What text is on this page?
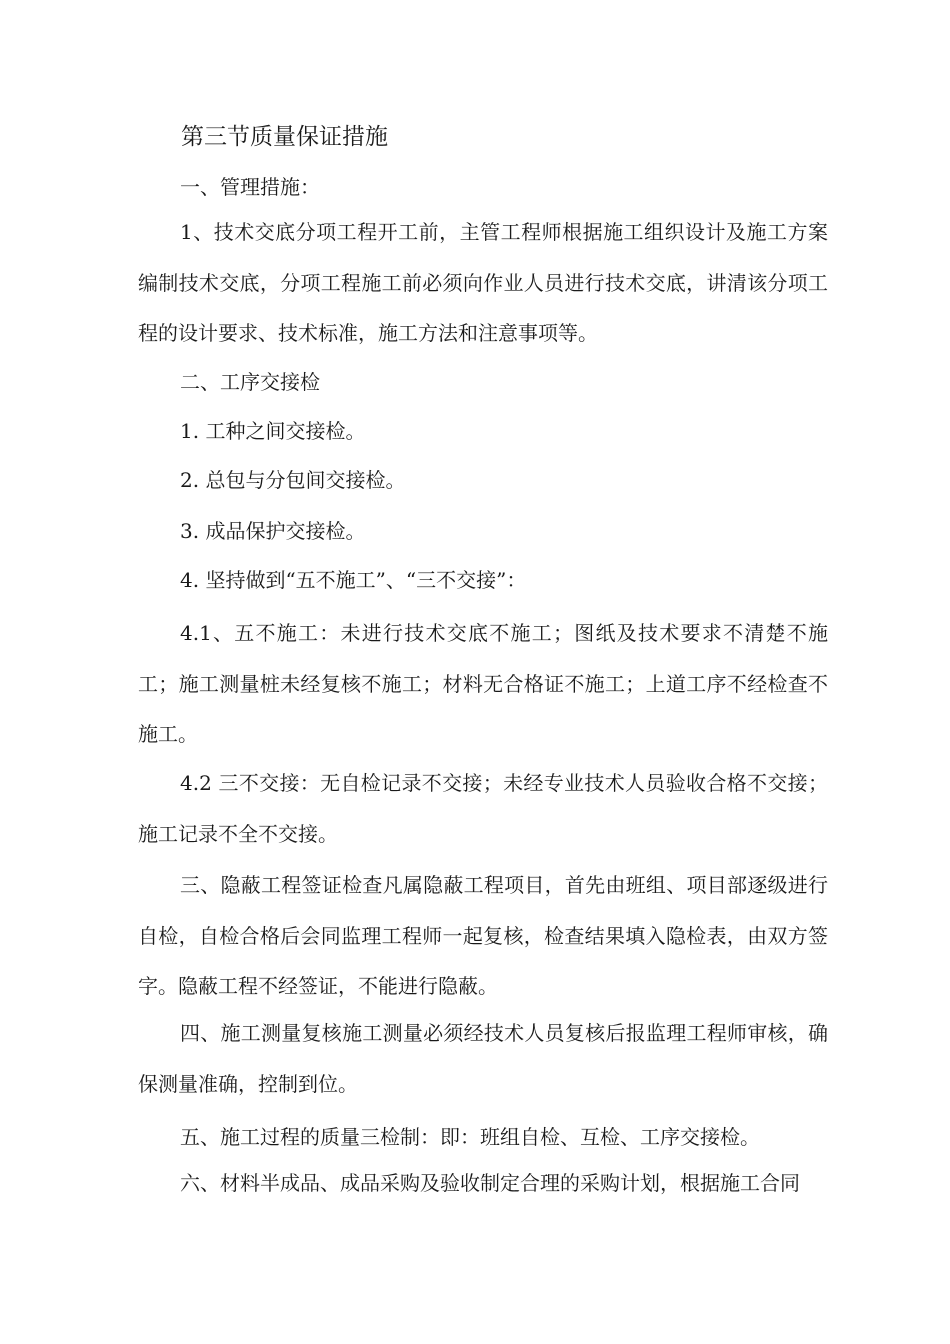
第三节质量保证措施

一、管理措施：

1、技术交底分项工程开工前，主管工程师根据施工组织设计及施工方案编制技术交底，分项工程施工前必须向作业人员进行技术交底，讲清该分项工程的设计要求、技术标准，施工方法和注意事项等。

二、工序交接检

1. 工种之间交接检。

2. 总包与分包间交接检。

3. 成品保护交接检。

4. 坚持做到“五不施工”、“三不交接”：

4.1、五不施工：未进行技术交底不施工；图纸及技术要求不清楚不施工；施工测量桩未经复核不施工；材料无合格证不施工；上道工序不经检查不施工。

4.2 三不交接：无自检记录不交接；未经专业技术人员验收合格不交接；施工记录不全不交接。

三、隐蔽工程签证检查凡属隐蔽工程项目，首先由班组、项目部逐级进行自检，自检合格后会同监理工程师一起复核，检查结果填入隐检表，由双方签字。隐蔽工程不经签证，不能进行隐蔽。

四、施工测量复核施工测量必须经技术人员复核后报监理工程师审核，确保测量准确，控制到位。

五、施工过程的质量三检制：即：班组自检、互检、工序交接检。

六、材料半成品、成品采购及验收制定合理的采购计划，根据施工合同
